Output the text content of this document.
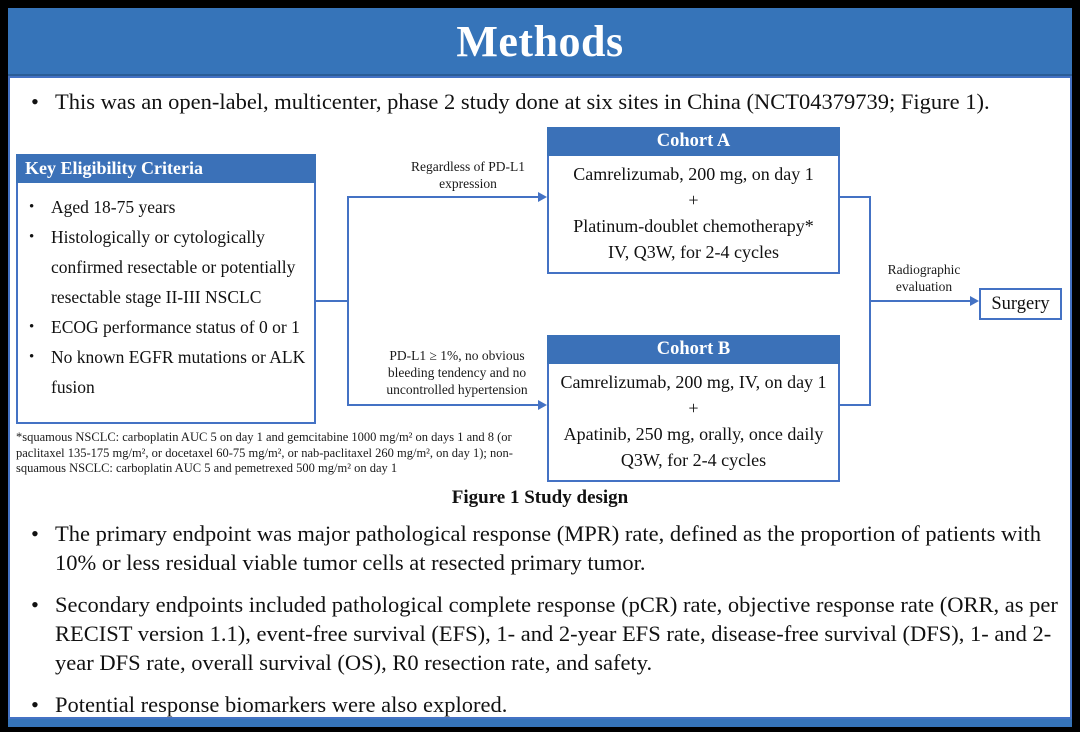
Methods
•
This was an open-label, multicenter, phase 2 study done at six sites in China (NCT04379739; Figure 1).
Key Eligibility Criteria
•
Aged 18-75 years
•
Histologically or cytologically confirmed resectable or potentially resectable stage II-III NSCLC
•
ECOG performance status of 0 or 1
•
No known EGFR mutations or ALK fusion
Regardless of PD-L1 expression
PD-L1 ≥ 1%, no obvious bleeding tendency and no uncontrolled hypertension
Radiographic evaluation
Cohort A
Camrelizumab, 200 mg, on day 1
+
Platinum-doublet chemotherapy*
IV, Q3W, for 2-4 cycles
Cohort B
Camrelizumab, 200 mg, IV, on day 1
+
Apatinib, 250 mg, orally, once daily
Q3W, for 2-4 cycles
Surgery
*squamous NSCLC: carboplatin AUC 5 on day 1 and gemcitabine 1000 mg/m² on days 1 and 8 (or paclitaxel 135-175 mg/m², or docetaxel 60-75 mg/m², or nab-paclitaxel 260 mg/m², on day 1); non-squamous NSCLC: carboplatin AUC 5 and pemetrexed 500 mg/m² on day 1
Figure 1 Study design
•
The primary endpoint was major pathological response (MPR) rate, defined as the proportion of patients with 10% or less residual viable tumor cells at resected primary tumor.
•
Secondary endpoints included pathological complete response (pCR) rate, objective response rate (ORR, as per RECIST version 1.1), event-free survival (EFS), 1- and 2-year EFS rate, disease-free survival (DFS), 1- and 2-year DFS rate, overall survival (OS), R0 resection rate, and safety.
•
Potential response biomarkers were also explored.
